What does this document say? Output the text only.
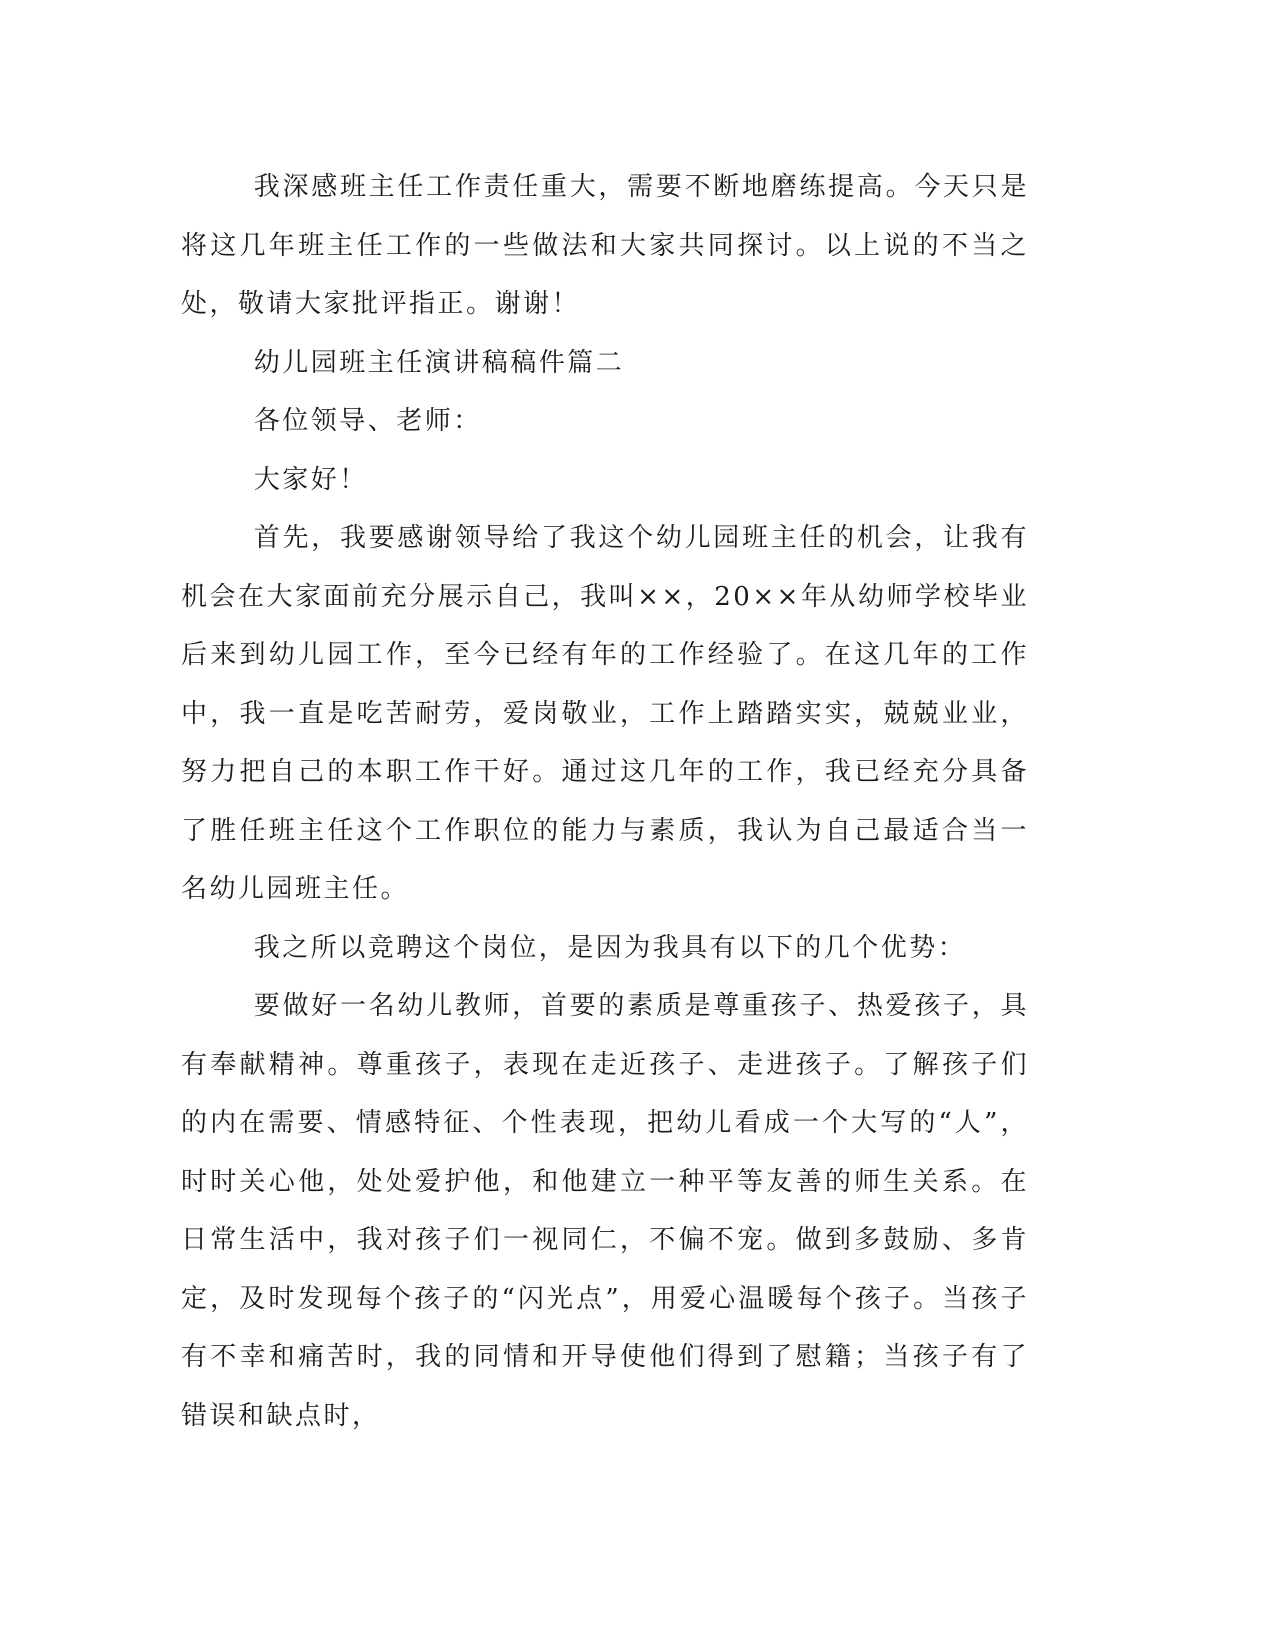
我深感班主任工作责任重大，需要不断地磨练提高。今天只是将这几年班主任工作的一些做法和大家共同探讨。以上说的不当之处，敬请大家批评指正。谢谢！

幼儿园班主任演讲稿稿件篇二

各位领导、老师：

大家好！

首先，我要感谢领导给了我这个幼儿园班主任的机会，让我有机会在大家面前充分展示自己，我叫××，20××年从幼师学校毕业后来到幼儿园工作，至今已经有年的工作经验了。在这几年的工作中，我一直是吃苦耐劳，爱岗敬业，工作上踏踏实实，兢兢业业，努力把自己的本职工作干好。通过这几年的工作，我已经充分具备了胜任班主任这个工作职位的能力与素质，我认为自己最适合当一名幼儿园班主任。

我之所以竞聘这个岗位，是因为我具有以下的几个优势：

要做好一名幼儿教师，首要的素质是尊重孩子、热爱孩子，具有奉献精神。尊重孩子，表现在走近孩子、走进孩子。了解孩子们的内在需要、情感特征、个性表现，把幼儿看成一个大写的“人”，时时关心他，处处爱护他，和他建立一种平等友善的师生关系。在日常生活中，我对孩子们一视同仁，不偏不宠。做到多鼓励、多肯定，及时发现每个孩子的“闪光点”，用爱心温暖每个孩子。当孩子有不幸和痛苦时，我的同情和开导使他们得到了慰籍；当孩子有了错误和缺点时，
